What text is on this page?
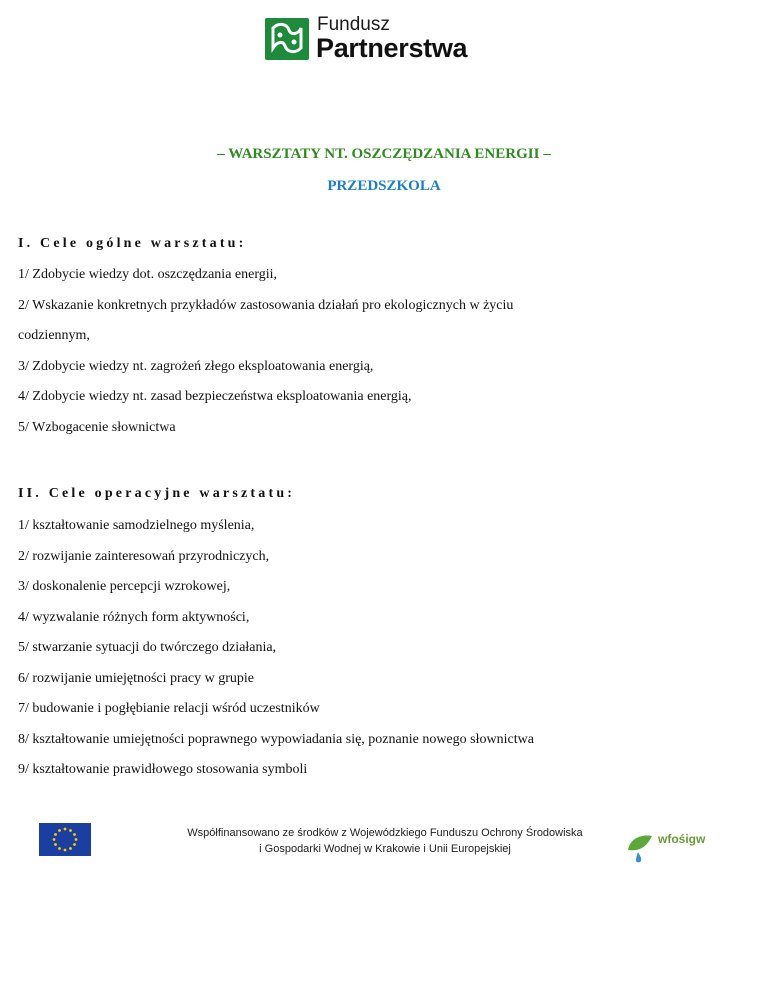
Fundusz
Partnerstwa
– WARSZTATY NT. OSZCZĘDZANIA ENERGII –
PRZEDSZKOLA
I. Cele ogólne warsztatu:
1/ Zdobycie wiedzy dot. oszczędzania energii,
2/ Wskazanie konkretnych przykładów zastosowania działań pro ekologicznych w życiu
codziennym,
3/ Zdobycie wiedzy nt. zagrożeń złego eksploatowania energią,
4/ Zdobycie wiedzy nt. zasad bezpieczeństwa eksploatowania energią,
5/ Wzbogacenie słownictwa
II. Cele operacyjne warsztatu:
1/ kształtowanie samodzielnego myślenia,
2/ rozwijanie zainteresowań przyrodniczych,
3/ doskonalenie percepcji wzrokowej,
4/ wyzwalanie różnych form aktywności,
5/ stwarzanie sytuacji do twórczego działania,
6/ rozwijanie umiejętności pracy w grupie
7/ budowanie i pogłębianie relacji wśród uczestników
8/ kształtowanie umiejętności poprawnego wypowiadania się, poznanie nowego słownictwa
9/ kształtowanie prawidłowego stosowania symboli
Współfinansowano ze środków z Wojewódzkiego Funduszu Ochrony Środowiska
i Gospodarki Wodnej w Krakowie i Unii Europejskiej
wfośigw
